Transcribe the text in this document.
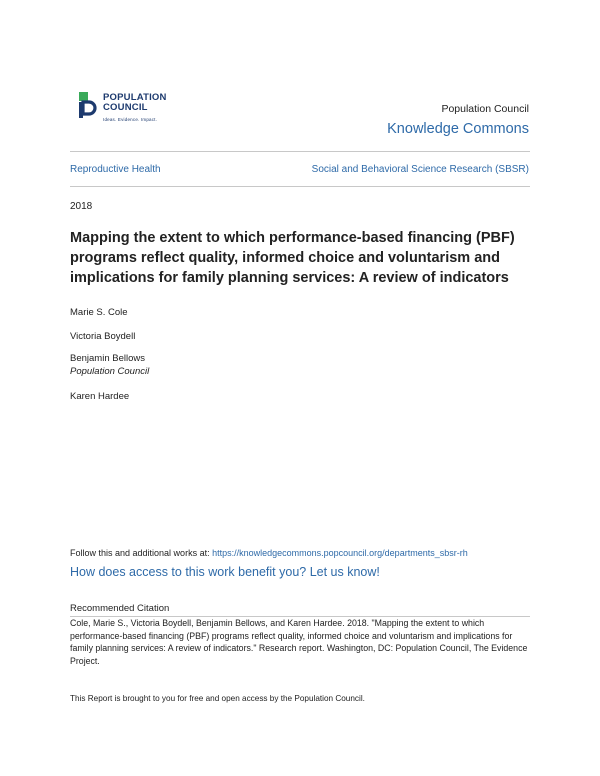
POPULATION
COUNCIL
Ideas. Evidence. Impact.
Population Council
Knowledge Commons
Reproductive Health	Social and Behavioral Science Research (SBSR)
2018
Mapping the extent to which performance-based financing (PBF) programs reflect quality, informed choice and voluntarism and implications for family planning services: A review of indicators
Marie S. Cole
Victoria Boydell
Benjamin Bellows
Population Council
Karen Hardee
Follow this and additional works at: https://knowledgecommons.popcouncil.org/departments_sbsr-rh
How does access to this work benefit you? Let us know!
Recommended Citation
Cole, Marie S., Victoria Boydell, Benjamin Bellows, and Karen Hardee. 2018. "Mapping the extent to which performance-based financing (PBF) programs reflect quality, informed choice and voluntarism and implications for family planning services: A review of indicators." Research report. Washington, DC: Population Council, The Evidence Project.
This Report is brought to you for free and open access by the Population Council.
